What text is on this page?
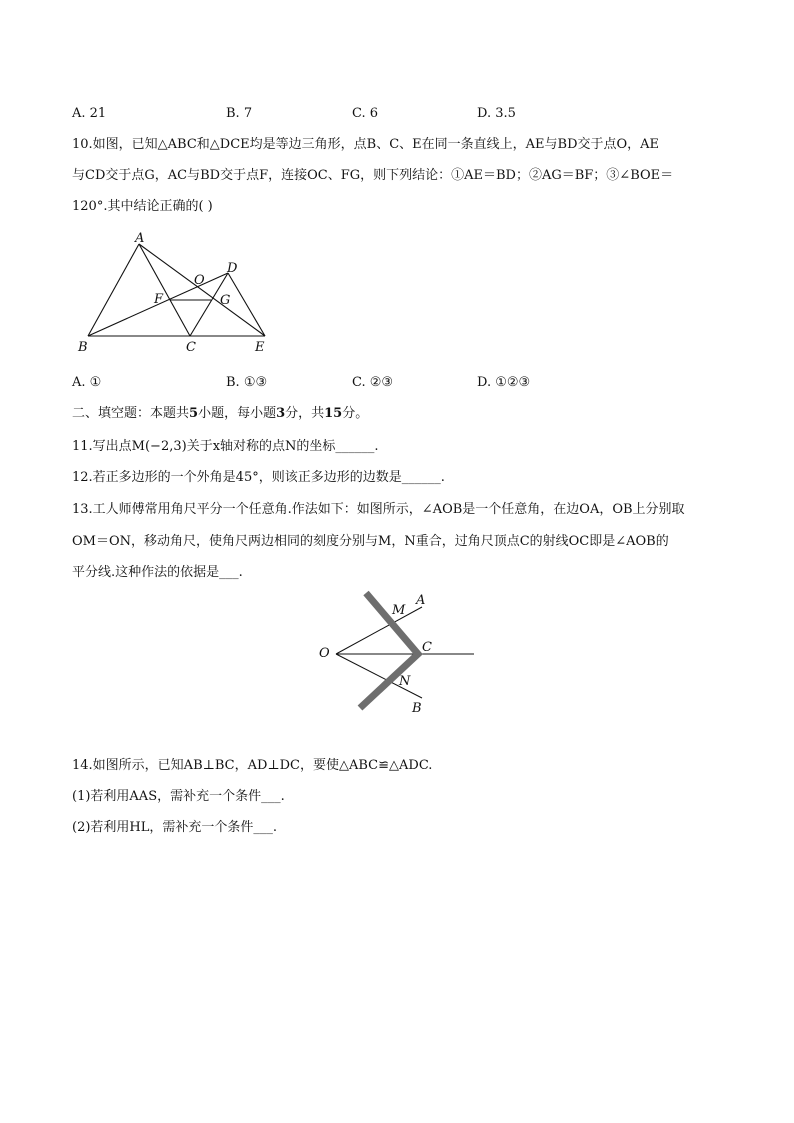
A. 21	B. 7	C. 6	D. 3.5
10.如图，已知△ABC和△DCE均是等边三角形，点B、C、E在同一条直线上，AE与BD交于点O，AE
与CD交于点G，AC与BD交于点F，连接OC、FG，则下列结论：①AE＝BD；②AG＝BF；③∠BOE＝
120°.其中结论正确的( )
A
O
D
F	G
B	C	E
A. ①	B. ①③	C. ②③	D. ①②③
二、填空题：本题共5小题，每小题3分，共15分。
11.写出点M(−2,3)关于x轴对称的点N的坐标______.
12.若正多边形的一个外角是45°，则该正多边形的边数是______.
13.工人师傅常用角尺平分一个任意角.作法如下：如图所示，∠AOB是一个任意角，在边OA，OB上分别取
OM＝ON，移动角尺，使角尺两边相同的刻度分别与M，N重合，过角尺顶点C的射线OC即是∠AOB的
平分线.这种作法的依据是___.
M
A
O	C
N
B
14.如图所示，已知AB⊥BC，AD⊥DC，要使△ABC≌△ADC.
(1)若利用AAS，需补充一个条件___.
(2)若利用HL，需补充一个条件___.
